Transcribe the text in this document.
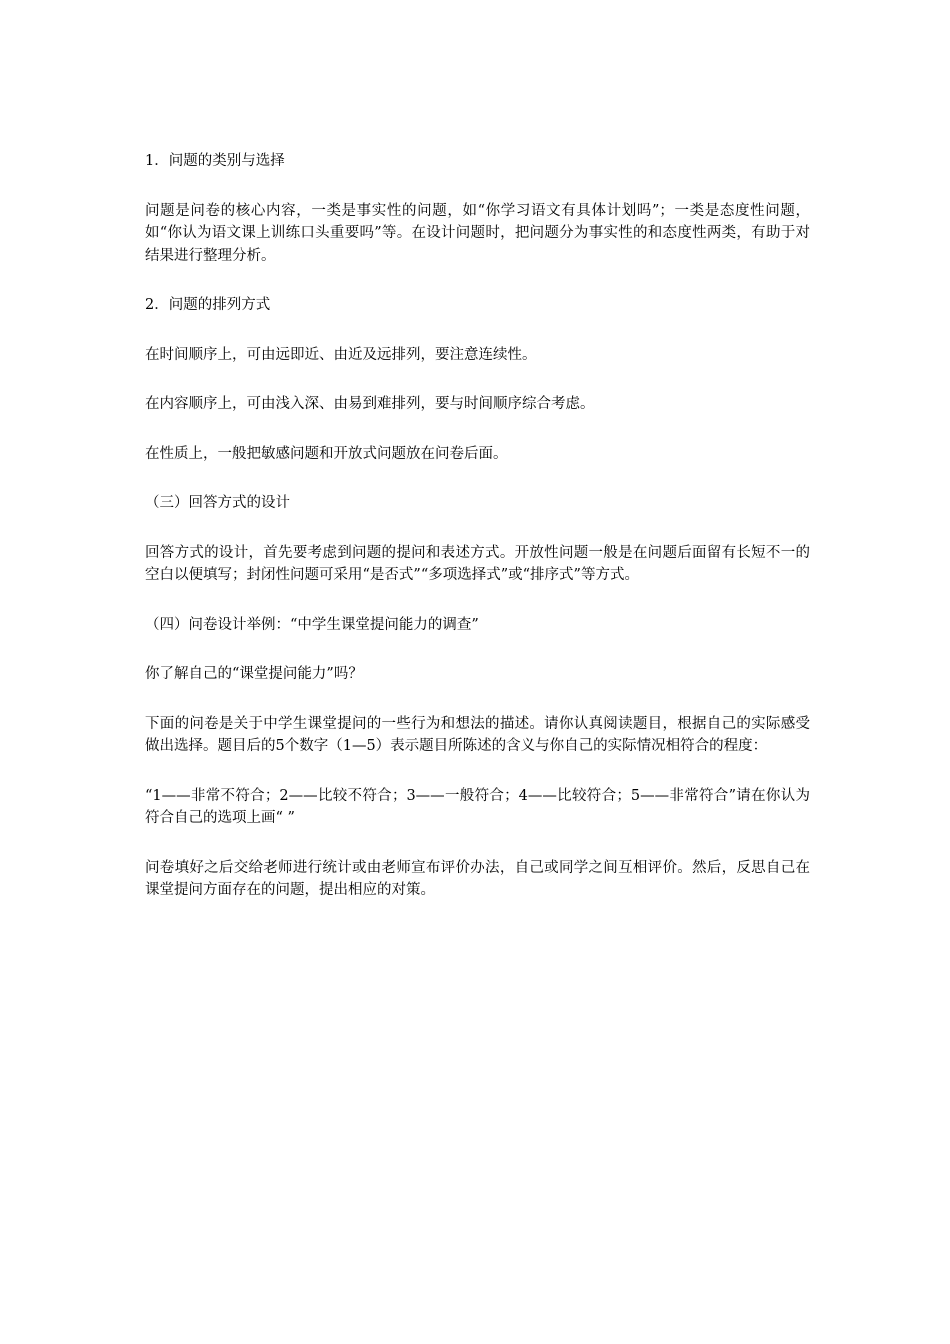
1．问题的类别与选择

问题是问卷的核心内容，一类是事实性的问题，如“你学习语文有具体计划吗”；一类是态度性问题，如“你认为语文课上训练口头重要吗”等。在设计问题时，把问题分为事实性的和态度性两类，有助于对结果进行整理分析。

2．问题的排列方式

在时间顺序上，可由远即近、由近及远排列，要注意连续性。

在内容顺序上，可由浅入深、由易到难排列，要与时间顺序综合考虑。

在性质上，一般把敏感问题和开放式问题放在问卷后面。

（三）回答方式的设计

回答方式的设计，首先要考虑到问题的提问和表述方式。开放性问题一般是在问题后面留有长短不一的空白以便填写；封闭性问题可采用“是否式”“多项选择式”或“排序式”等方式。

（四）问卷设计举例：“中学生课堂提问能力的调查”

你了解自己的“课堂提问能力”吗？

下面的问卷是关于中学生课堂提问的一些行为和想法的描述。请你认真阅读题目，根据自己的实际感受做出选择。题目后的5个数字（1—5）表示题目所陈述的含义与你自己的实际情况相符合的程度：

“1——非常不符合；2——比较不符合；3——一般符合；4——比较符合；5——非常符合”请在你认为符合自己的选项上画“ ”

问卷填好之后交给老师进行统计或由老师宣布评价办法，自己或同学之间互相评价。然后，反思自己在课堂提问方面存在的问题，提出相应的对策。
